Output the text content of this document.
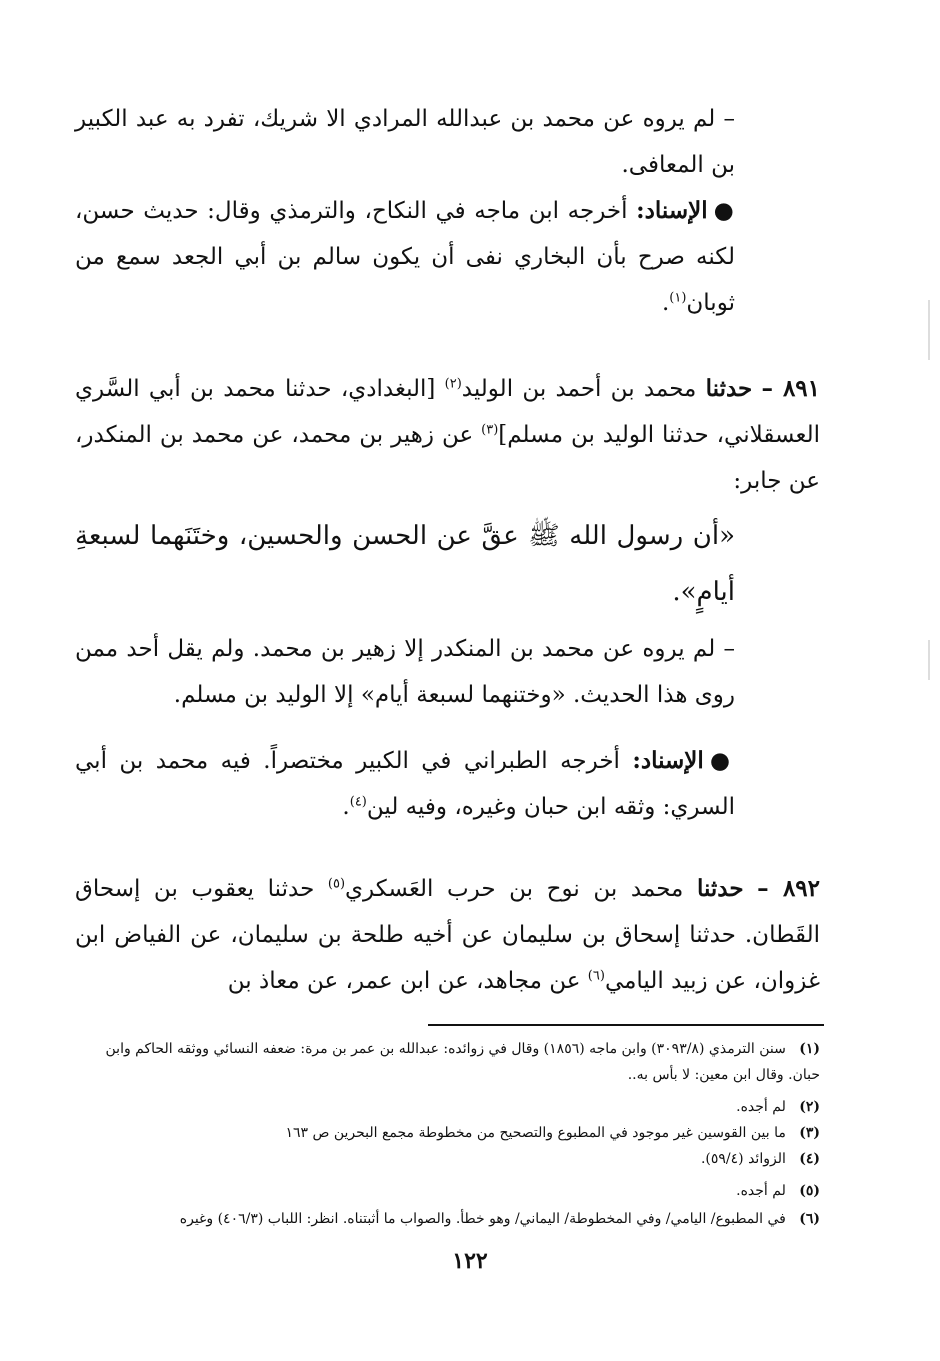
– لم يروه عن محمد بن عبدالله المرادي الا شريك، تفرد به عبد الكبير بن المعافى.
●الإسناد: أخرجه ابن ماجه في النكاح، والترمذي وقال: حديث حسن، لكنه صرح بأن البخاري نفى أن يكون سالم بن أبي الجعد سمع من ثوبان$^{(١)}$.
٨٩١ – حدثنا محمد بن أحمد بن الوليد$^{(٢)}$ [البغدادي، حدثنا محمد بن أبي السَّري العسقلاني، حدثنا الوليد بن مسلم]$^{(٣)}$ عن زهير بن محمد، عن محمد بن المنكدر، عن جابر:
«أن رسول الله ﷺ عقَّ عن الحسن والحسين، وختَنَهما لسبعةِ أيامٍ».
– لم يروه عن محمد بن المنكدر إلا زهير بن محمد. ولم يقل أحد ممن روى هذا الحديث. «وختنهما لسبعة أيام» إلا الوليد بن مسلم.
●الإسناد: أخرجه الطبراني في الكبير مختصراً. فيه محمد بن أبي السري: وثقه ابن حبان وغيره، وفيه لين$^{(٤)}$.
٨٩٢ – حدثنا محمد بن نوح بن حرب العَسكري$^{(٥)}$ حدثنا يعقوب بن إسحاق القَطان. حدثنا إسحاق بن سليمان عن أخيه طلحة بن سليمان، عن الفياض ابن غزوان، عن زبيد اليامي$^{(٦)}$ عن مجاهد، عن ابن عمر، عن معاذ بن
(١)   سنن الترمذي (٣٠٩٣/٨) وابن ماجه (١٨٥٦) وقال في زوائده: عبدالله بن عمر بن مرة: ضعفه النسائي ووثقه الحاكم وابن حبان. وقال ابن معين: لا بأس به..
(٢)   لم أجده.
(٣)   ما بين القوسين غير موجود في المطبوع والتصحيح من مخطوطة مجمع البحرين ص ١٦٣
(٤)   الزوائد (٥٩/٤).
(٥)   لم أجده.
(٦)   في المطبوع/ اليامي/ وفي المخطوطة/ اليماني/ وهو خطأ. والصواب ما أثبتناه. انظر: اللباب (٤٠٦/٣) وغيره
١٢٢
